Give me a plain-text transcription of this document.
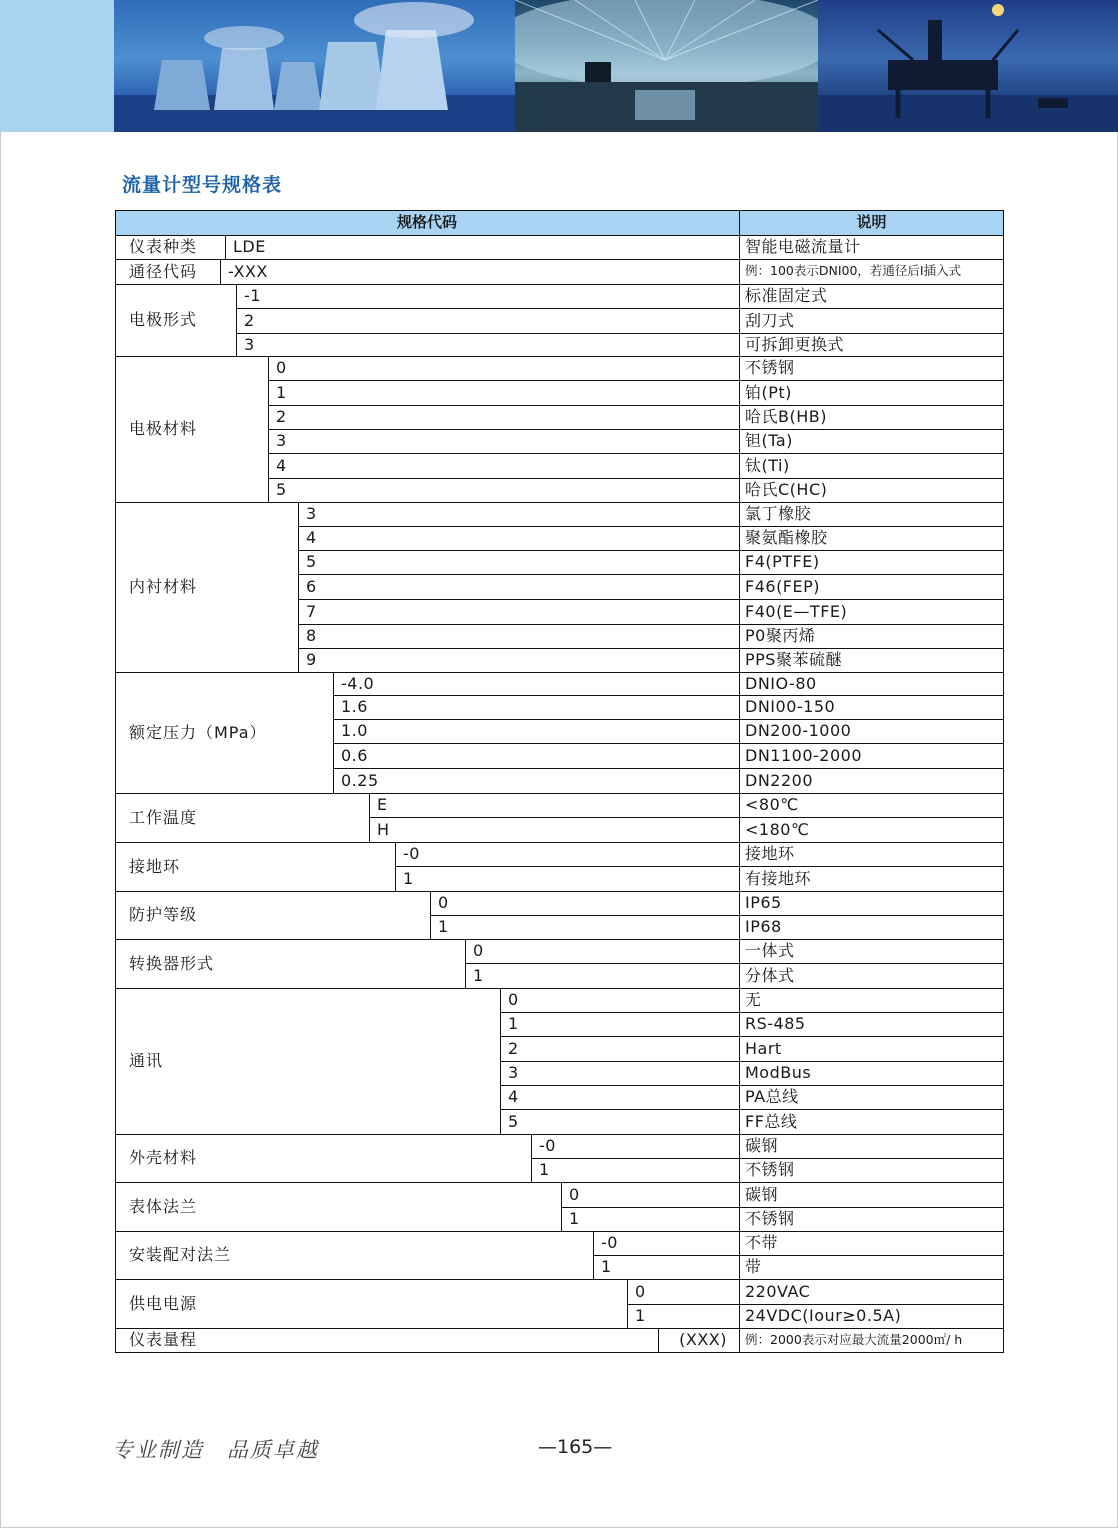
流量计型号规格表
规格代码	说明
仪表种类	LDE	智能电磁流量计
通径代码	-XXX	例：100表示DNI00，若通径后I插入式
电极形式
-1	标准固定式
2	刮刀式
3	可拆卸更换式
电极材料
0	不锈钢
1	铂(Pt)
2	哈氏B(HB)
3	钽(Ta)
4	钛(Ti)
5	哈氏C(HC)
内衬材料
3	氯丁橡胶
4	聚氨酯橡胶
5	F4(PTFE)
6	F46(FEP)
7	F40(E—TFE)
8	P0聚丙烯
9	PPS聚苯硫醚
额定压力（MPa）
-4.0	DNIO-80
1.6	DNI00-150
1.0	DN200-1000
0.6	DN1100-2000
0.25	DN2200
工作温度
E	<80℃
H	<180℃
接地环
-0	接地环
1	有接地环
防护等级
0	IP65
1	IP68
转换器形式
0	一体式
1	分体式
通讯
0	无
1	RS-485
2	Hart
3	ModBus
4	PA总线
5	FF总线
外壳材料
-0	碳钢
1	不锈钢
表体法兰
0	碳钢
1	不锈钢
安装配对法兰
-0	不带
1	带
供电电源
0	220VAC
1	24VDC(Iour≥0.5A)
仪表量程	(XXX)	例：2000表示对应最大流量2000㎡/ h
专业制造　品质卓越	—165—
